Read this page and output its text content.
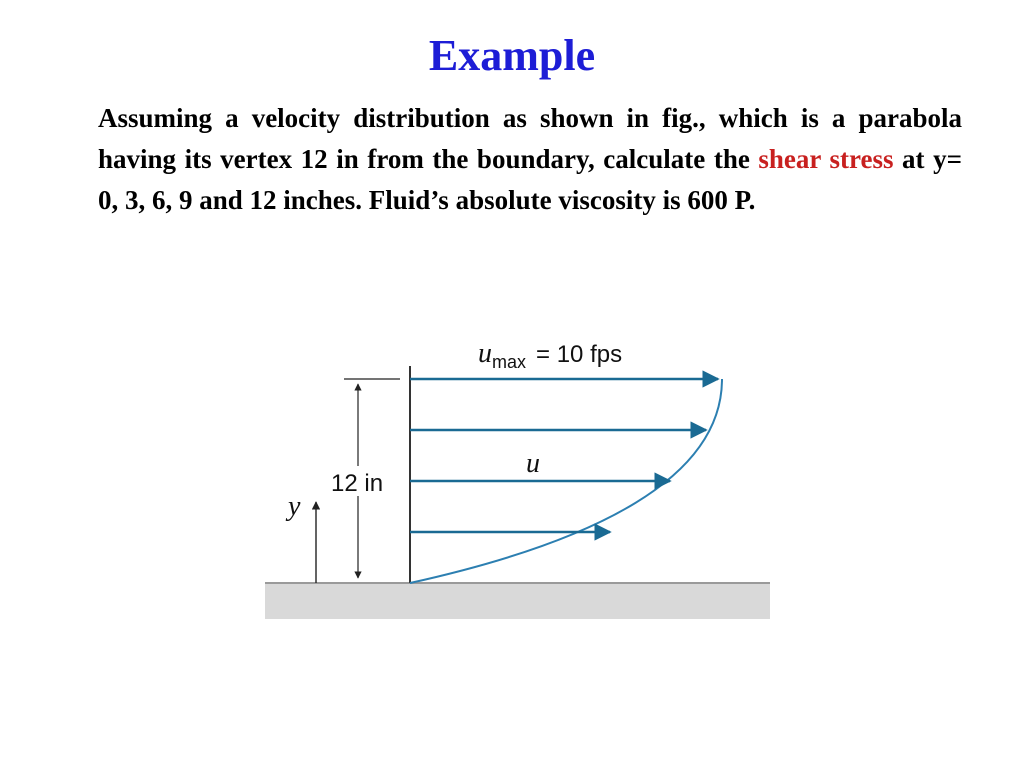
Example
Assuming a velocity distribution as shown in fig., which is a parabola having its vertex 12 in from the boundary, calculate the shear stress at y= 0, 3, 6, 9 and 12 inches. Fluid’s absolute viscosity is 600 P.
umax = 10 fps
u
12 in
y
